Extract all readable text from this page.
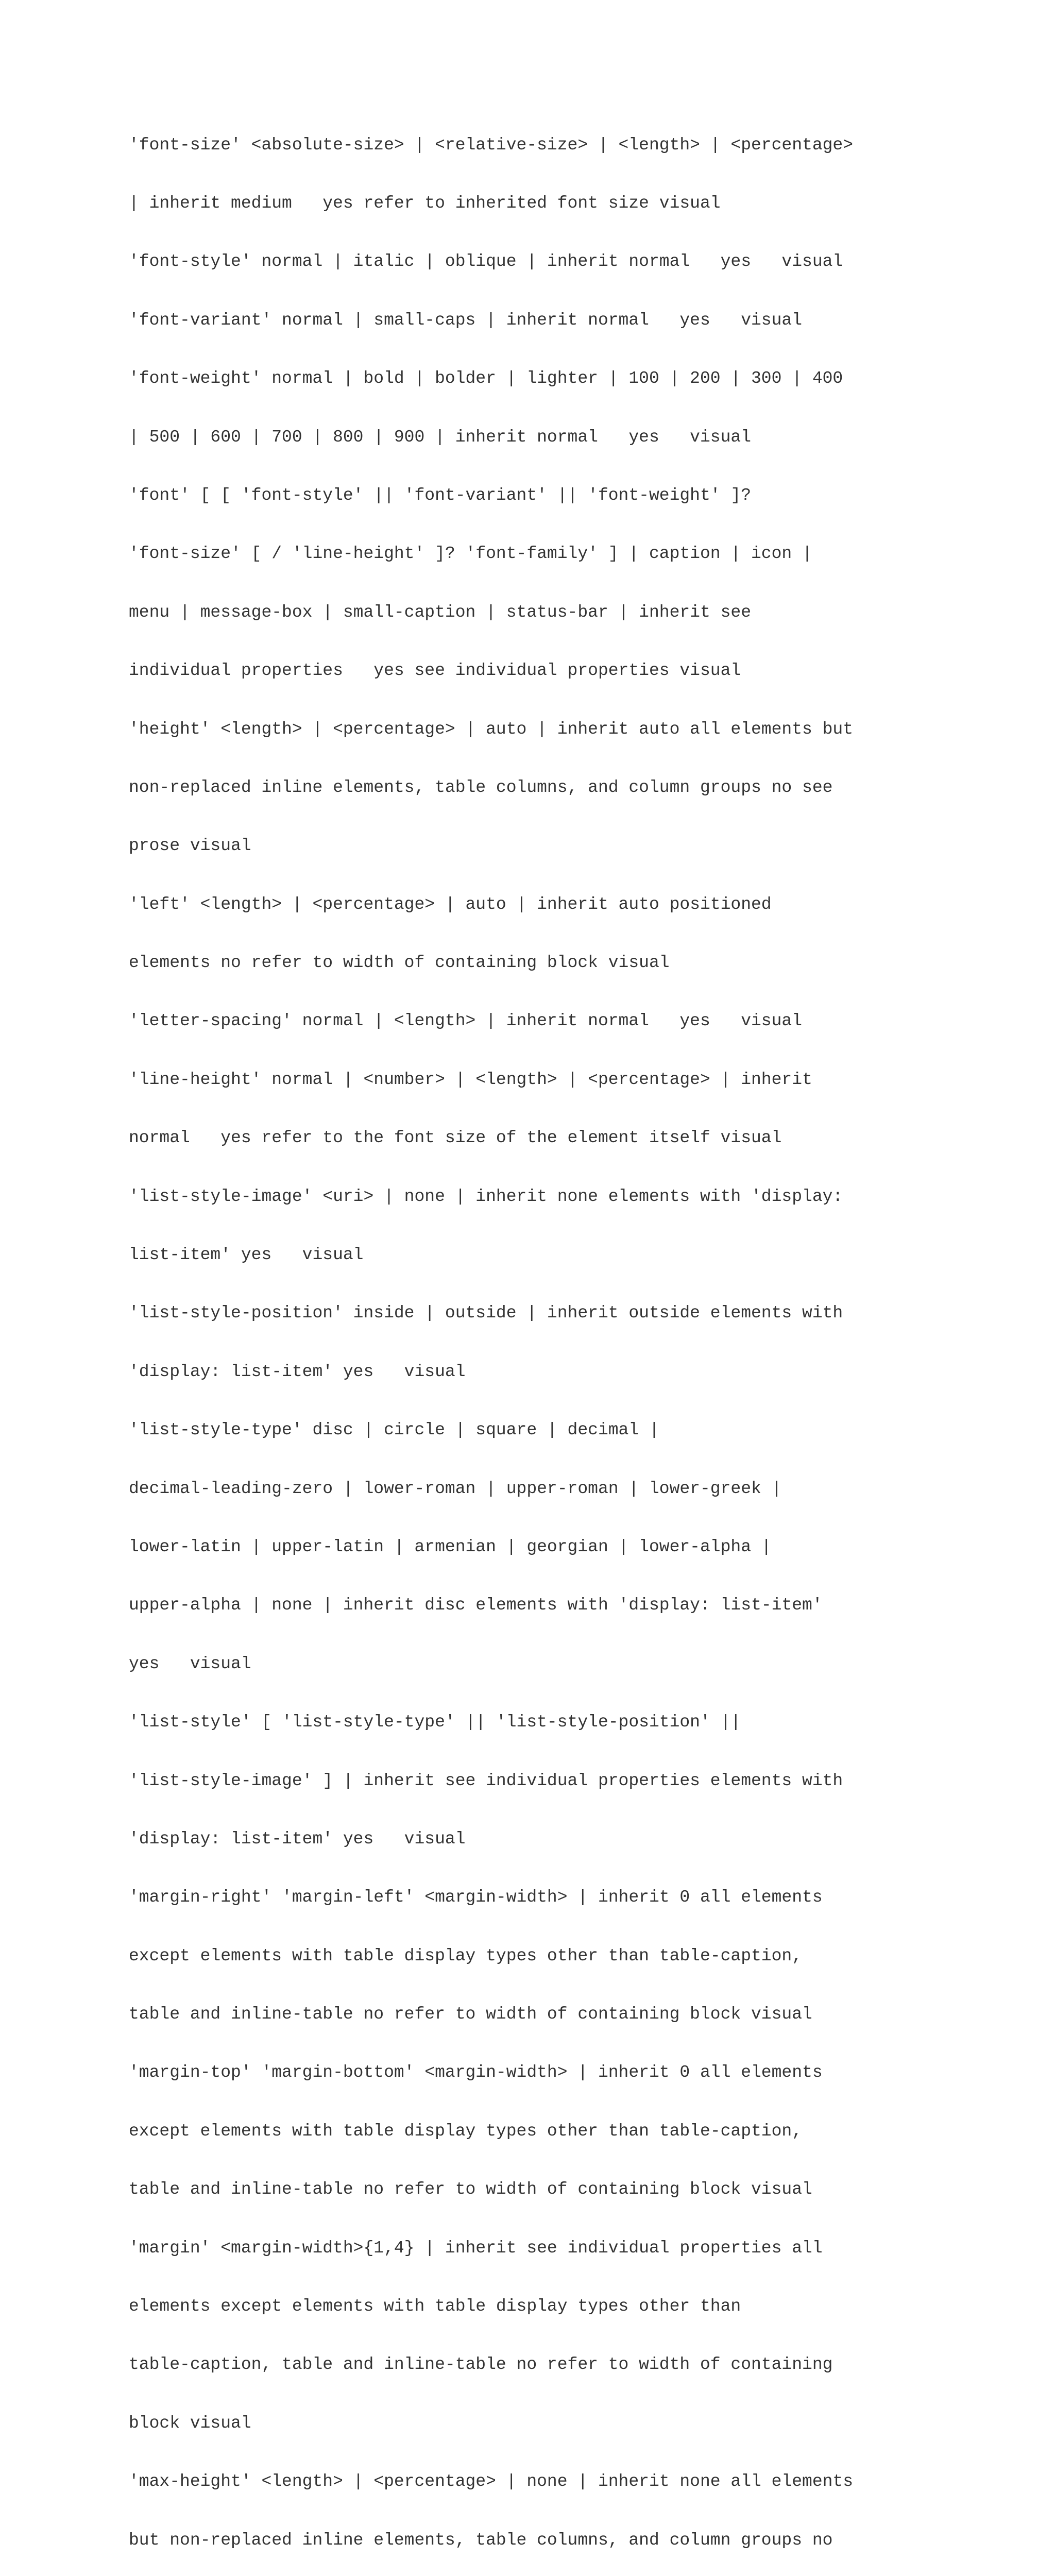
'font-size' <absolute-size> | <relative-size> | <length> | <percentage>

| inherit medium   yes refer to inherited font size visual

'font-style' normal | italic | oblique | inherit normal   yes   visual

'font-variant' normal | small-caps | inherit normal   yes   visual

'font-weight' normal | bold | bolder | lighter | 100 | 200 | 300 | 400

| 500 | 600 | 700 | 800 | 900 | inherit normal   yes   visual

'font' [ [ 'font-style' || 'font-variant' || 'font-weight' ]?

'font-size' [ / 'line-height' ]? 'font-family' ] | caption | icon |

menu | message-box | small-caption | status-bar | inherit see

individual properties   yes see individual properties visual

'height' <length> | <percentage> | auto | inherit auto all elements but

non-replaced inline elements, table columns, and column groups no see

prose visual

'left' <length> | <percentage> | auto | inherit auto positioned

elements no refer to width of containing block visual

'letter-spacing' normal | <length> | inherit normal   yes   visual

'line-height' normal | <number> | <length> | <percentage> | inherit

normal   yes refer to the font size of the element itself visual

'list-style-image' <uri> | none | inherit none elements with 'display:

list-item' yes   visual

'list-style-position' inside | outside | inherit outside elements with

'display: list-item' yes   visual

'list-style-type' disc | circle | square | decimal |

decimal-leading-zero | lower-roman | upper-roman | lower-greek |

lower-latin | upper-latin | armenian | georgian | lower-alpha |

upper-alpha | none | inherit disc elements with 'display: list-item'

yes   visual

'list-style' [ 'list-style-type' || 'list-style-position' ||

'list-style-image' ] | inherit see individual properties elements with

'display: list-item' yes   visual

'margin-right' 'margin-left' <margin-width> | inherit 0 all elements

except elements with table display types other than table-caption,

table and inline-table no refer to width of containing block visual

'margin-top' 'margin-bottom' <margin-width> | inherit 0 all elements

except elements with table display types other than table-caption,

table and inline-table no refer to width of containing block visual

'margin' <margin-width>{1,4} | inherit see individual properties all

elements except elements with table display types other than

table-caption, table and inline-table no refer to width of containing

block visual

'max-height' <length> | <percentage> | none | inherit none all elements

but non-replaced inline elements, table columns, and column groups no
